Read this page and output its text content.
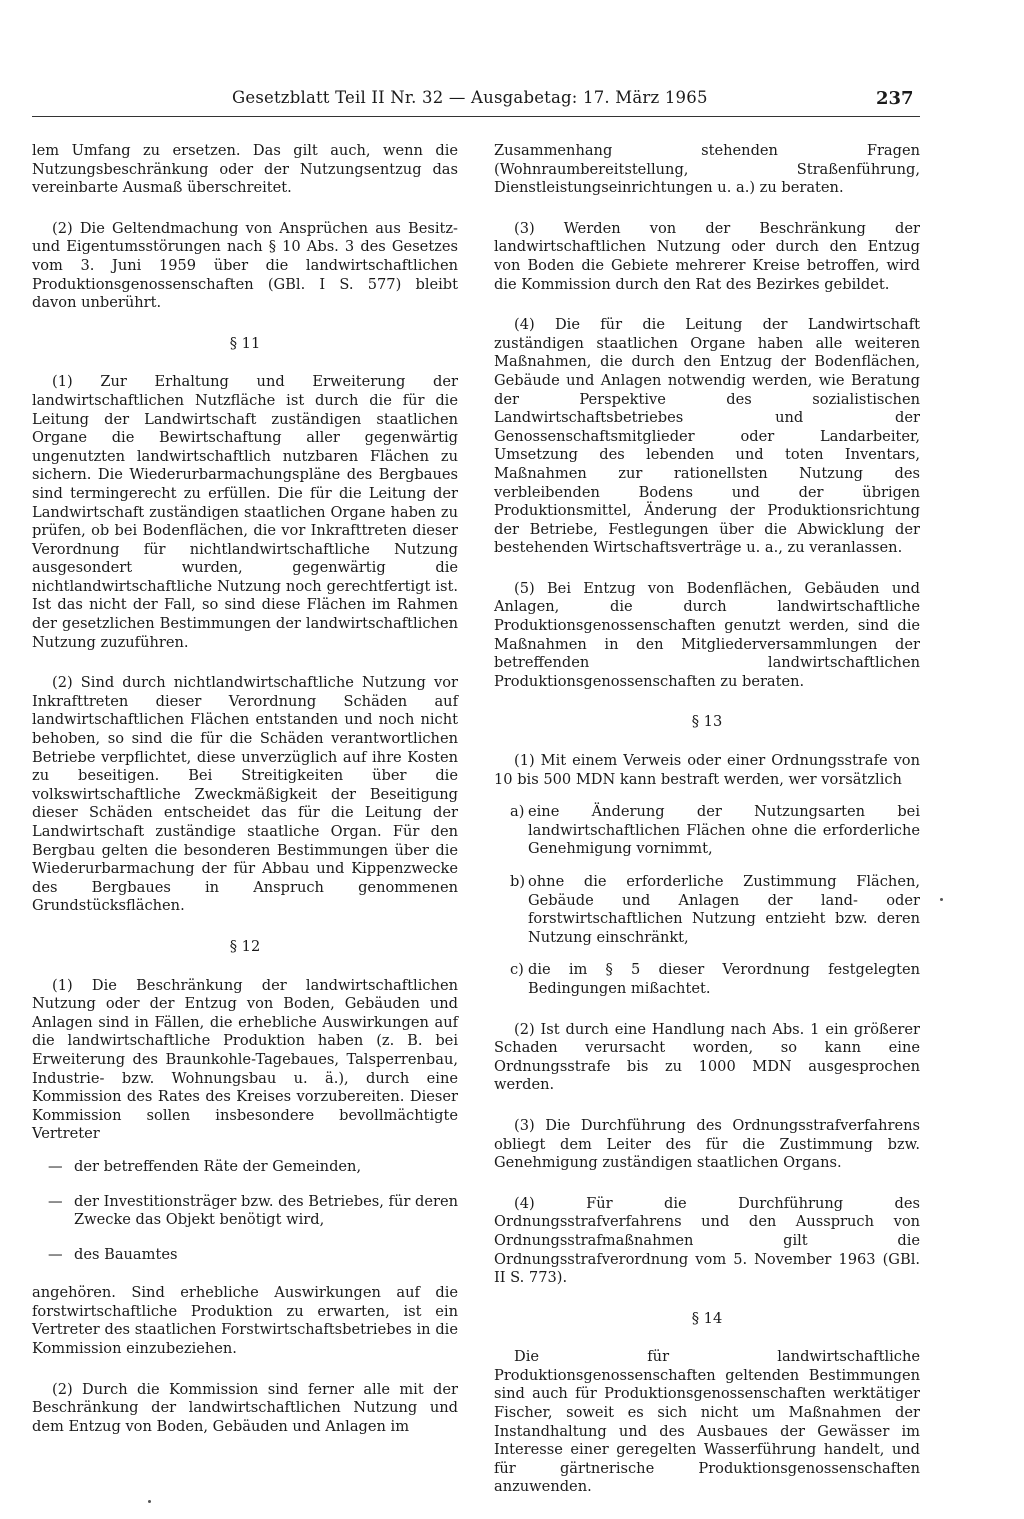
Gesetzblatt Teil II Nr. 32 — Ausgabetag: 17. März 1965	237

lem Umfang zu ersetzen. Das gilt auch, wenn die Nutzungsbeschränkung oder der Nutzungsentzug das vereinbarte Ausmaß überschreitet.

(2) Die Geltendmachung von Ansprüchen aus Besitz- und Eigentumsstörungen nach § 10 Abs. 3 des Gesetzes vom 3. Juni 1959 über die landwirtschaftlichen Produktionsgenossenschaften (GBl. I S. 577) bleibt davon unberührt.

§ 11

(1) Zur Erhaltung und Erweiterung der landwirtschaftlichen Nutzfläche ist durch die für die Leitung der Landwirtschaft zuständigen staatlichen Organe die Bewirtschaftung aller gegenwärtig ungenutzten landwirtschaftlich nutzbaren Flächen zu sichern. Die Wiederurbarmachungspläne des Bergbaues sind termingerecht zu erfüllen. Die für die Leitung der Landwirtschaft zuständigen staatlichen Organe haben zu prüfen, ob bei Bodenflächen, die vor Inkrafttreten dieser Verordnung für nichtlandwirtschaftliche Nutzung ausgesondert wurden, gegenwärtig die nichtlandwirtschaftliche Nutzung noch gerechtfertigt ist. Ist das nicht der Fall, so sind diese Flächen im Rahmen der gesetzlichen Bestimmungen der landwirtschaftlichen Nutzung zuzuführen.

(2) Sind durch nichtlandwirtschaftliche Nutzung vor Inkrafttreten dieser Verordnung Schäden auf landwirtschaftlichen Flächen entstanden und noch nicht behoben, so sind die für die Schäden verantwortlichen Betriebe verpflichtet, diese unverzüglich auf ihre Kosten zu beseitigen. Bei Streitigkeiten über die volkswirtschaftliche Zweckmäßigkeit der Beseitigung dieser Schäden entscheidet das für die Leitung der Landwirtschaft zuständige staatliche Organ. Für den Bergbau gelten die besonderen Bestimmungen über die Wiederurbarmachung der für Abbau und Kippenzwecke des Bergbaues in Anspruch genommenen Grundstücksflächen.

§ 12

(1) Die Beschränkung der landwirtschaftlichen Nutzung oder der Entzug von Boden, Gebäuden und Anlagen sind in Fällen, die erhebliche Auswirkungen auf die landwirtschaftliche Produktion haben (z. B. bei Erweiterung des Braunkohle-Tagebaues, Talsperrenbau, Industrie- bzw. Wohnungsbau u. ä.), durch eine Kommission des Rates des Kreises vorzubereiten. Dieser Kommission sollen insbesondere bevollmächtigte Vertreter

— der betreffenden Räte der Gemeinden,
— der Investitionsträger bzw. des Betriebes, für deren Zwecke das Objekt benötigt wird,
— des Bauamtes

angehören. Sind erhebliche Auswirkungen auf die forstwirtschaftliche Produktion zu erwarten, ist ein Vertreter des staatlichen Forstwirtschaftsbetriebes in die Kommission einzubeziehen.

(2) Durch die Kommission sind ferner alle mit der Beschränkung der landwirtschaftlichen Nutzung und dem Entzug von Boden, Gebäuden und Anlagen im

Zusammenhang stehenden Fragen (Wohnraumbereitstellung, Straßenführung, Dienstleistungseinrichtungen u. a.) zu beraten.

(3) Werden von der Beschränkung der landwirtschaftlichen Nutzung oder durch den Entzug von Boden die Gebiete mehrerer Kreise betroffen, wird die Kommission durch den Rat des Bezirkes gebildet.

(4) Die für die Leitung der Landwirtschaft zuständigen staatlichen Organe haben alle weiteren Maßnahmen, die durch den Entzug der Bodenflächen, Gebäude und Anlagen notwendig werden, wie Beratung der Perspektive des sozialistischen Landwirtschaftsbetriebes und der Genossenschaftsmitglieder oder Landarbeiter, Umsetzung des lebenden und toten Inventars, Maßnahmen zur rationellsten Nutzung des verbleibenden Bodens und der übrigen Produktionsmittel, Änderung der Produktionsrichtung der Betriebe, Festlegungen über die Abwicklung der bestehenden Wirtschaftsverträge u. a., zu veranlassen.

(5) Bei Entzug von Bodenflächen, Gebäuden und Anlagen, die durch landwirtschaftliche Produktionsgenossenschaften genutzt werden, sind die Maßnahmen in den Mitgliederversammlungen der betreffenden landwirtschaftlichen Produktionsgenossenschaften zu beraten.

§ 13

(1) Mit einem Verweis oder einer Ordnungsstrafe von 10 bis 500 MDN kann bestraft werden, wer vorsätzlich

a) eine Änderung der Nutzungsarten bei landwirtschaftlichen Flächen ohne die erforderliche Genehmigung vornimmt,
b) ohne die erforderliche Zustimmung Flächen, Gebäude und Anlagen der land- oder forstwirtschaftlichen Nutzung entzieht bzw. deren Nutzung einschränkt,
c) die im § 5 dieser Verordnung festgelegten Bedingungen mißachtet.

(2) Ist durch eine Handlung nach Abs. 1 ein größerer Schaden verursacht worden, so kann eine Ordnungsstrafe bis zu 1000 MDN ausgesprochen werden.

(3) Die Durchführung des Ordnungsstrafverfahrens obliegt dem Leiter des für die Zustimmung bzw. Genehmigung zuständigen staatlichen Organs.

(4) Für die Durchführung des Ordnungsstrafverfahrens und den Ausspruch von Ordnungsstrafmaßnahmen gilt die Ordnungsstrafverordnung vom 5. November 1963 (GBl. II S. 773).

§ 14

Die für landwirtschaftliche Produktionsgenossenschaften geltenden Bestimmungen sind auch für Produktionsgenossenschaften werktätiger Fischer, soweit es sich nicht um Maßnahmen der Instandhaltung und des Ausbaues der Gewässer im Interesse einer geregelten Wasserführung handelt, und für gärtnerische Produktionsgenossenschaften anzuwenden.
